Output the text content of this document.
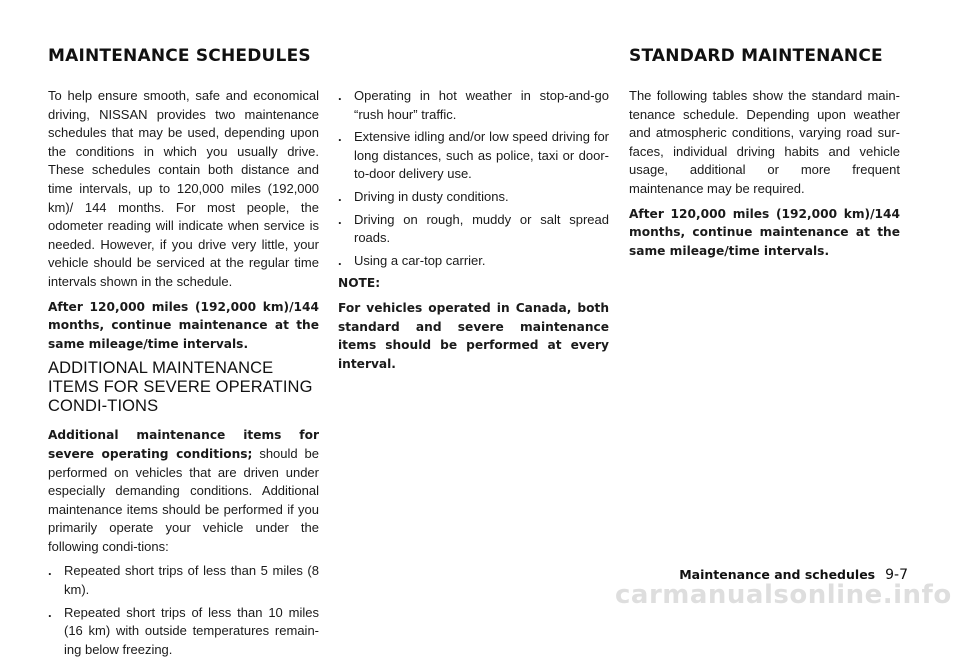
MAINTENANCE SCHEDULES	STANDARD MAINTENANCE

To help ensure smooth, safe and economical driving, NISSAN provides two maintenance schedules that may be used, depending upon the conditions in which you usually drive. These schedules contain both distance and time intervals, up to 120,000 miles (192,000 km)/ 144 months. For most people, the odometer reading will indicate when service is needed. However, if you drive very little, your vehicle should be serviced at the regular time intervals shown in the schedule.

After 120,000 miles (192,000 km)/144 months, continue maintenance at the same mileage/time intervals.

ADDITIONAL MAINTENANCE ITEMS FOR SEVERE OPERATING CONDI-TIONS

Additional maintenance items for severe operating conditions; should be performed on vehicles that are driven under especially demanding conditions. Additional maintenance items should be performed if you primarily operate your vehicle under the following condi-tions:

. Repeated short trips of less than 5 miles (8 km).
. Repeated short trips of less than 10 miles (16 km) with outside temperatures remain-ing below freezing.
. Operating in hot weather in stop-and-go “rush hour” traffic.
. Extensive idling and/or low speed driving for long distances, such as police, taxi or door-to-door delivery use.
. Driving in dusty conditions.
. Driving on rough, muddy or salt spread roads.
. Using a car-top carrier.

NOTE:

For vehicles operated in Canada, both standard and severe maintenance items should be performed at every interval.

The following tables show the standard main-tenance schedule. Depending upon weather and atmospheric conditions, varying road sur-faces, individual driving habits and vehicle usage, additional or more frequent maintenance may be required.

After 120,000 miles (192,000 km)/144 months, continue maintenance at the same mileage/time intervals.

carmanualsonline.info
Maintenance and schedules 9-7
